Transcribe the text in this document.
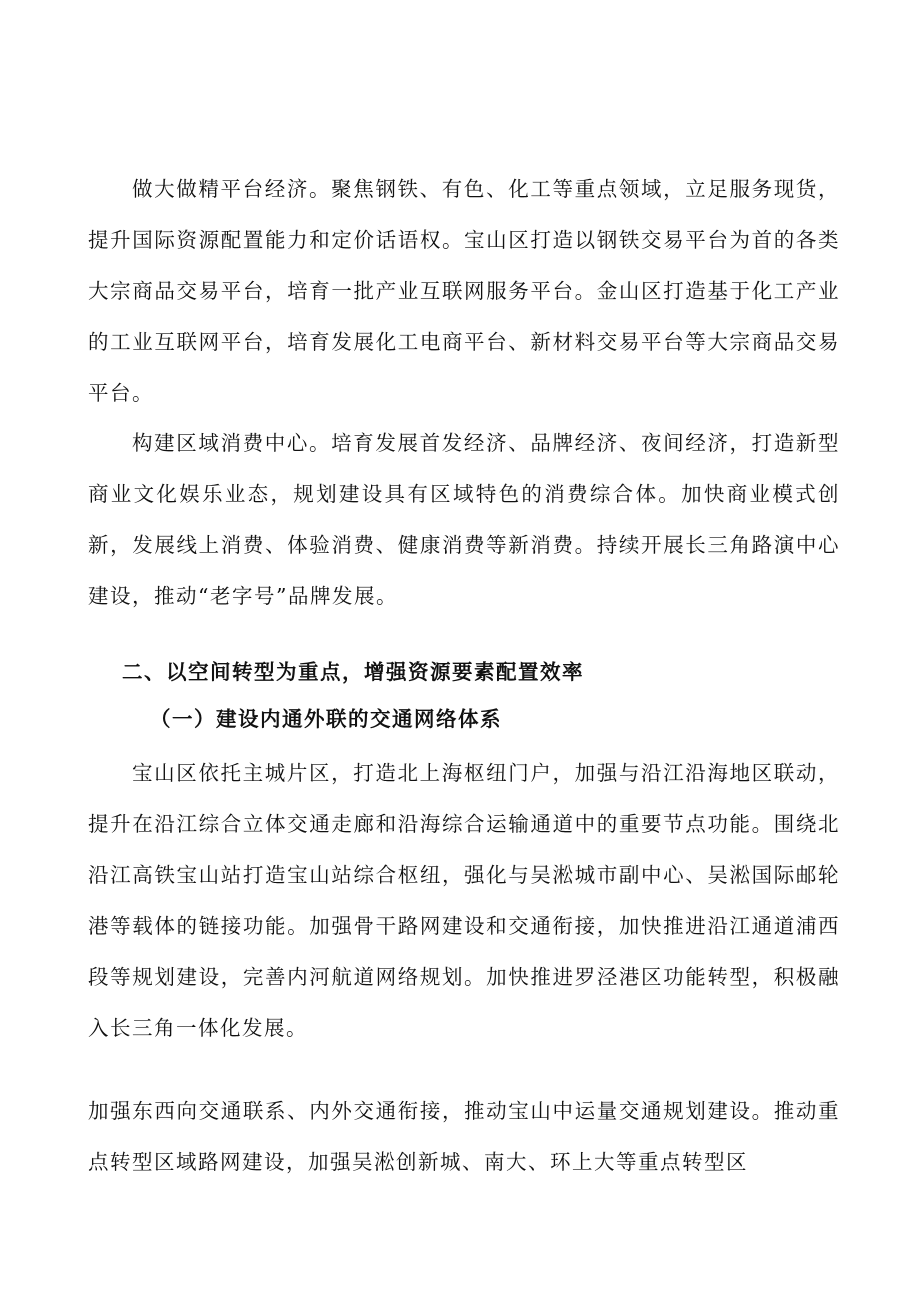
做大做精平台经济。聚焦钢铁、有色、化工等重点领域，立足服务现货，提升国际资源配置能力和定价话语权。宝山区打造以钢铁交易平台为首的各类大宗商品交易平台，培育一批产业互联网服务平台。金山区打造基于化工产业的工业互联网平台，培育发展化工电商平台、新材料交易平台等大宗商品交易平台。

构建区域消费中心。培育发展首发经济、品牌经济、夜间经济，打造新型商业文化娱乐业态，规划建设具有区域特色的消费综合体。加快商业模式创新，发展线上消费、体验消费、健康消费等新消费。持续开展长三角路演中心建设，推动“老字号”品牌发展。

二、以空间转型为重点，增强资源要素配置效率
（一）建设内通外联的交通网络体系

宝山区依托主城片区，打造北上海枢纽门户，加强与沿江沿海地区联动，提升在沿江综合立体交通走廊和沿海综合运输通道中的重要节点功能。围绕北沿江高铁宝山站打造宝山站综合枢纽，强化与吴淞城市副中心、吴淞国际邮轮港等载体的链接功能。加强骨干路网建设和交通衔接，加快推进沿江通道浦西段等规划建设，完善内河航道网络规划。加快推进罗泾港区功能转型，积极融入长三角一体化发展。

加强东西向交通联系、内外交通衔接，推动宝山中运量交通规划建设。推动重点转型区域路网建设，加强吴淞创新城、南大、环上大等重点转型区
